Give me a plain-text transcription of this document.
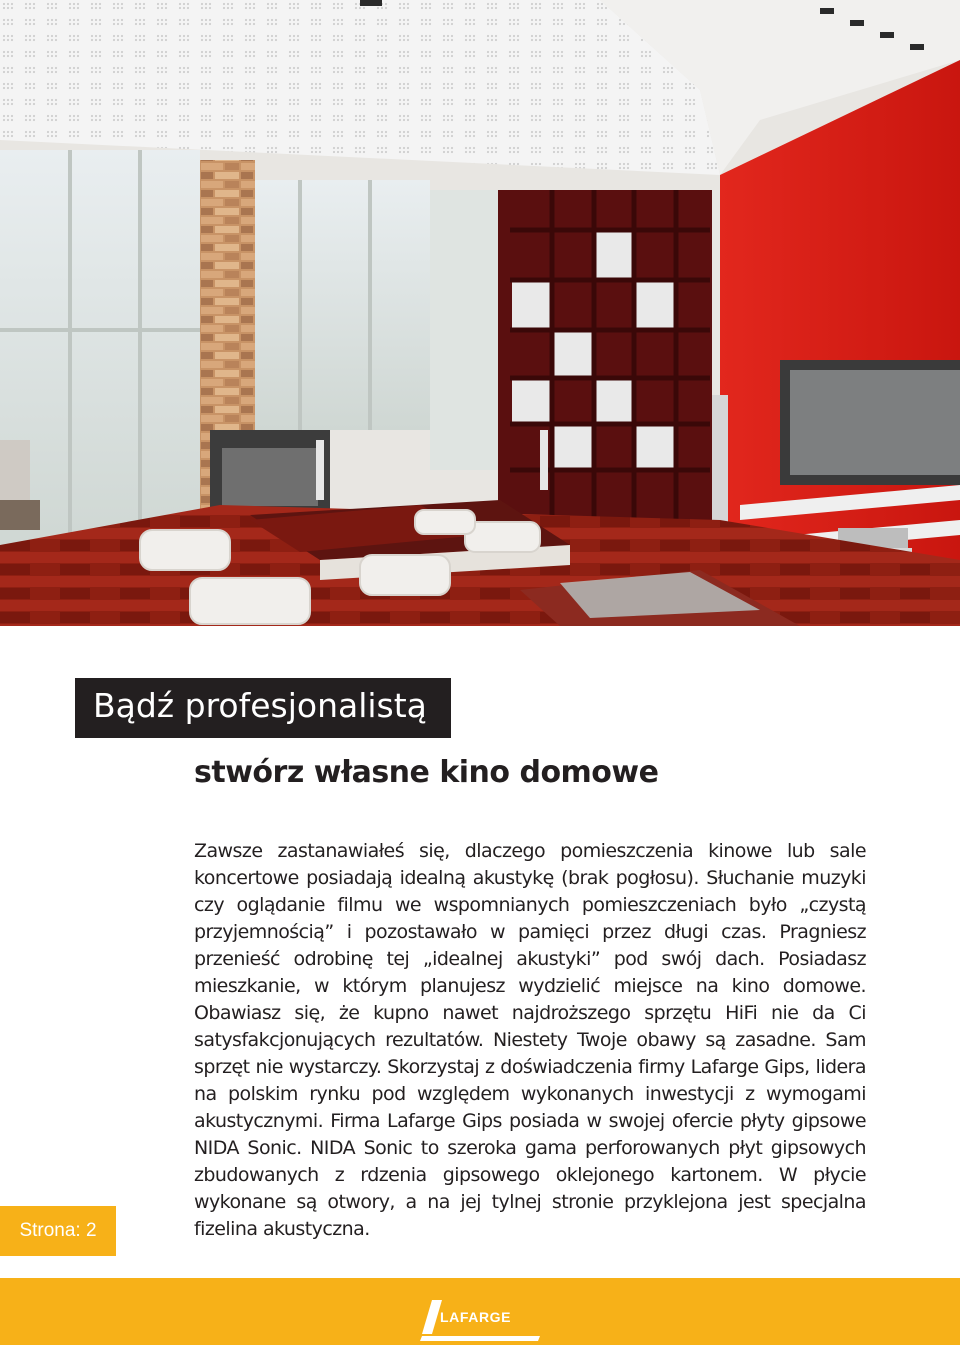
Bądź profesjonalistą
stwórz własne kino domowe

Zawsze zastanawiałeś się, dlaczego pomieszczenia kinowe lub sale koncertowe posiadają idealną akustykę (brak pogłosu). Słuchanie muzyki czy oglądanie filmu we wspomnianych pomieszczeniach było „czystą przyjemnością” i pozostawało w pamięci przez długi czas. Pragniesz przenieść odrobinę tej „idealnej akustyki” pod swój dach. Posiadasz mieszkanie, w którym planujesz wydzielić miejsce na kino domowe. Obawiasz się, że kupno nawet najdroższego sprzętu HiFi nie da Ci satysfakcjonujących rezultatów. Niestety Twoje obawy są zasadne. Sam sprzęt nie wystarczy. Skorzystaj z doświadczenia firmy Lafarge Gips, lidera na polskim rynku pod względem wykonanych inwestycji z wymogami akustycznymi. Firma Lafarge Gips posiada w swojej ofercie płyty gipsowe NIDA Sonic. NIDA Sonic to szeroka gama perforowanych płyt gipsowych zbudowanych z rdzenia gipsowego oklejonego kartonem. W płycie wykonane są otwory, a na jej tylnej stronie przyklejona jest specjalna fizelina akustyczna.

Strona: 2
LAFARGE
